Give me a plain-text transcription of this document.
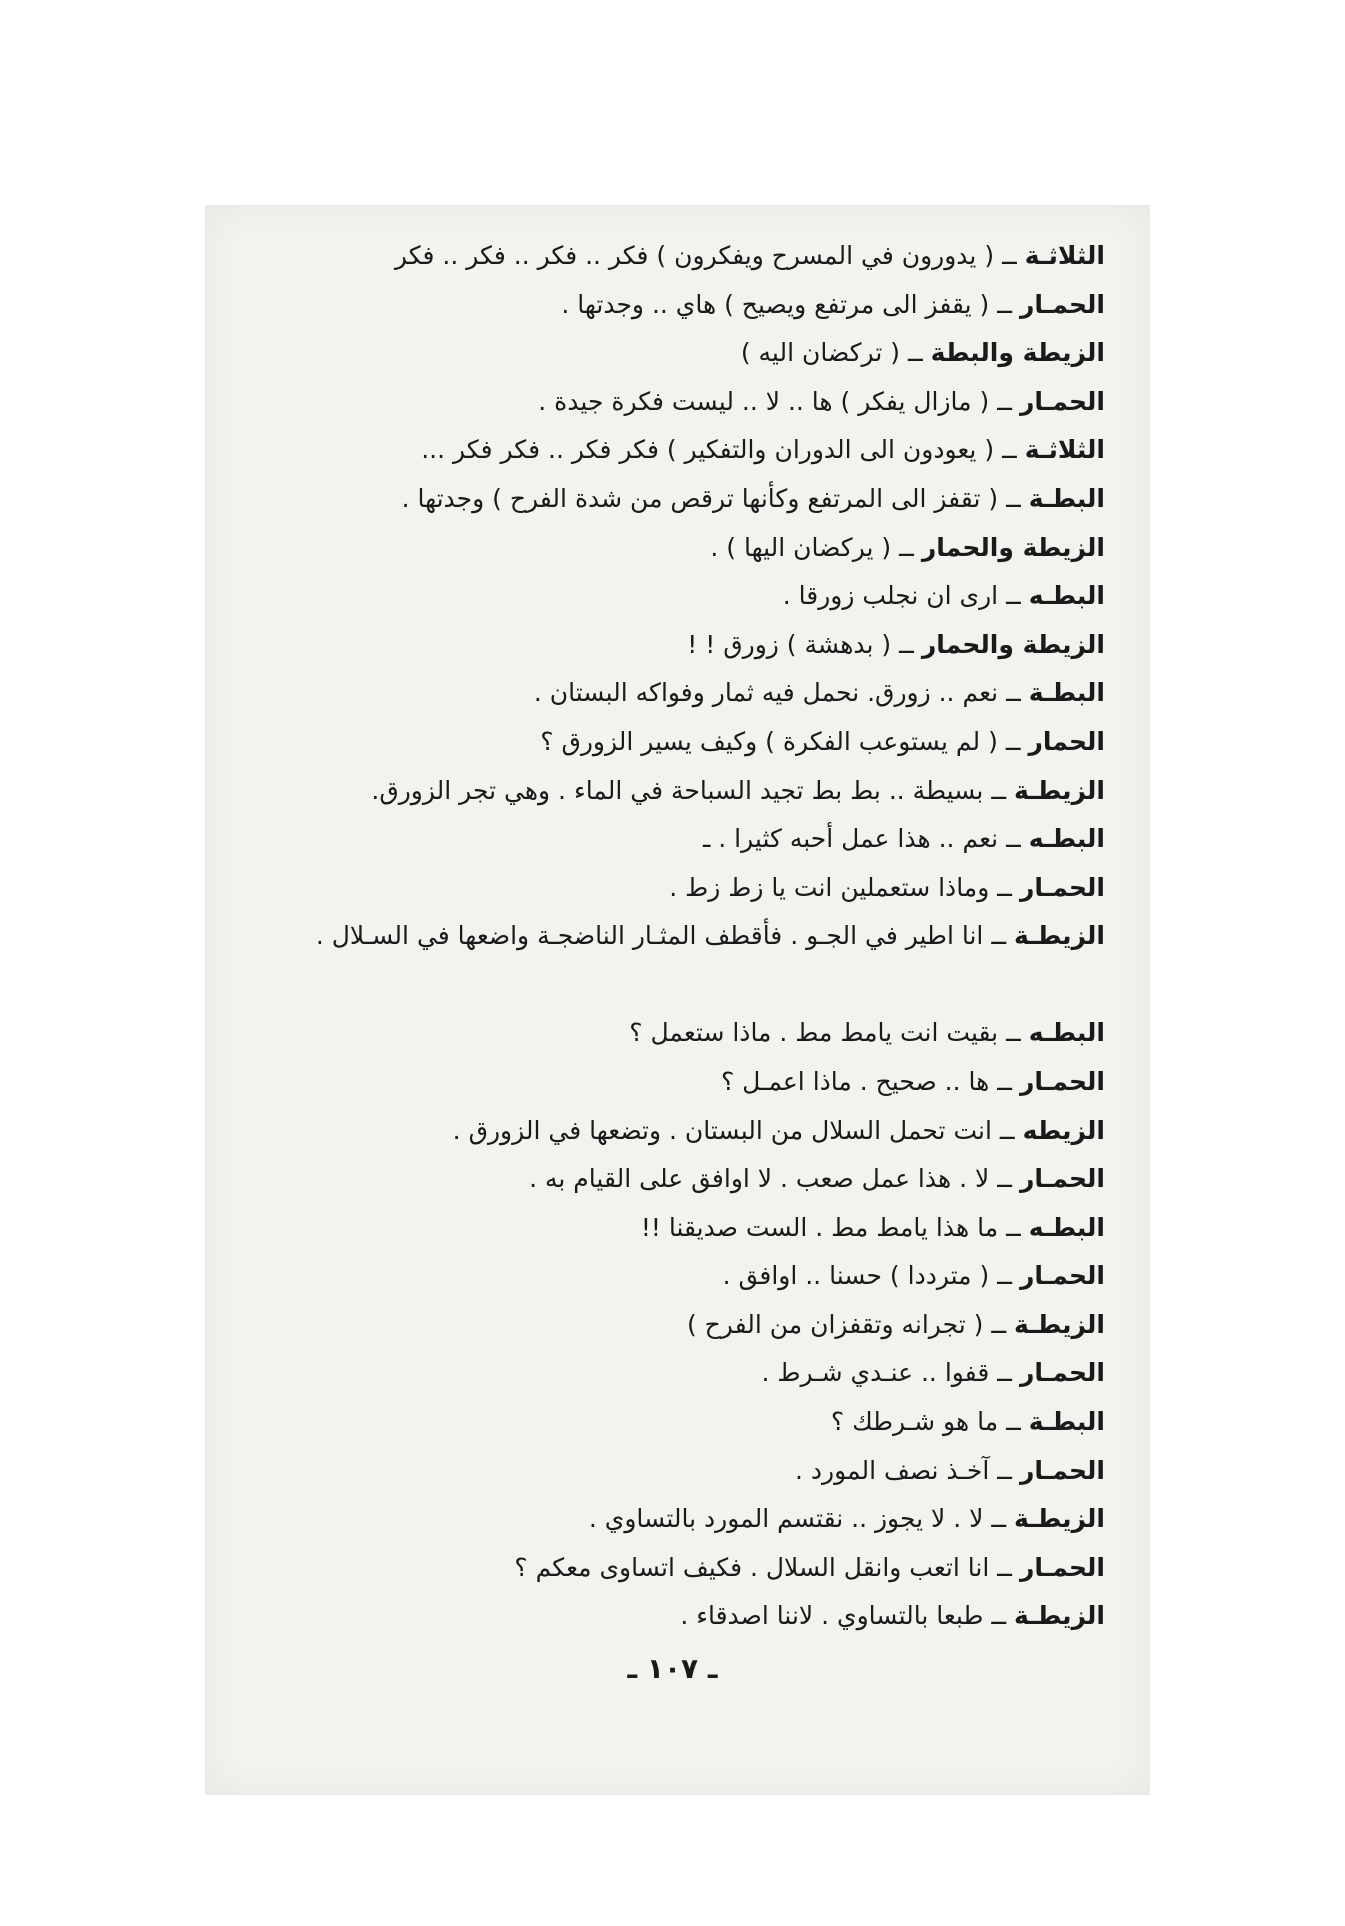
الثلاثـة
ــ
( يدورون في المسرح ويفكرون ) فكر .. فكر .. فكر .. فكر
الحمـار
ــ
( يقفز الى مرتفع ويصيح ) هاي .. وجدتها .
الزيطة والبطة
ــ
( تركضان اليه )
الحمـار
ــ
( مازال يفكر ) ها .. لا .. ليست فكرة جيدة .
الثلاثـة
ــ
( يعودون الى الدوران والتفكير ) فكر فكر .. فكر فكر ...
البطـة
ــ
( تقفز الى المرتفع وكأنها ترقص من شدة الفرح ) وجدتها .
الزيطة والحمار
ــ
( يركضان اليها ) .
البطـه
ــ
ارى ان نجلب زورقا .
الزيطة والحمار
ــ
( بدهشة ) زورق ! !
البطـة
ــ
نعم .. زورق. نحمل فيه ثمار وفواكه البستان .
الحمار
ــ
( لم يستوعب الفكرة ) وكيف يسير الزورق ؟
الزيطـة
ــ
بسيطة .. بط بط تجيد السباحة في الماء . وهي تجر الزورق.
البطـه
ــ
نعم .. هذا عمل أحبه كثيرا . ـ
الحمـار
ــ
وماذا ستعملين انت يا زط زط .
الزيطـة
ــ
انا اطير في الجـو . فأقطف المثـار الناضجـة واضعها في السـلال .
البطـه
ــ
بقيت انت يامط مط . ماذا ستعمل ؟
الحمـار
ــ
ها .. صحيح . ماذا اعمـل ؟
الزيطه
ــ
انت تحمل السلال من البستان . وتضعها في الزورق .
الحمـار
ــ
لا . هذا عمل صعب . لا اوافق على القيام به .
البطـه
ــ
ما هذا يامط مط . الست صديقنا !!
الحمـار
ــ
( مترددا ) حسنا .. اوافق .
الزيطـة
ــ
( تجرانه وتقفزان من الفرح )
الحمـار
ــ
قفوا .. عنـدي شـرط .
البطـة
ــ
ما هو شـرطك ؟
الحمـار
ــ
آخـذ نصف المورد .
الزيطـة
ــ
لا . لا يجوز .. نقتسم المورد بالتساوي .
الحمـار
ــ
انا اتعب وانقل السلال . فكيف اتساوى معكم ؟
الزيطـة
ــ
طبعا بالتساوي . لاننا اصدقاء .
ـ ١٠٧ ـ
